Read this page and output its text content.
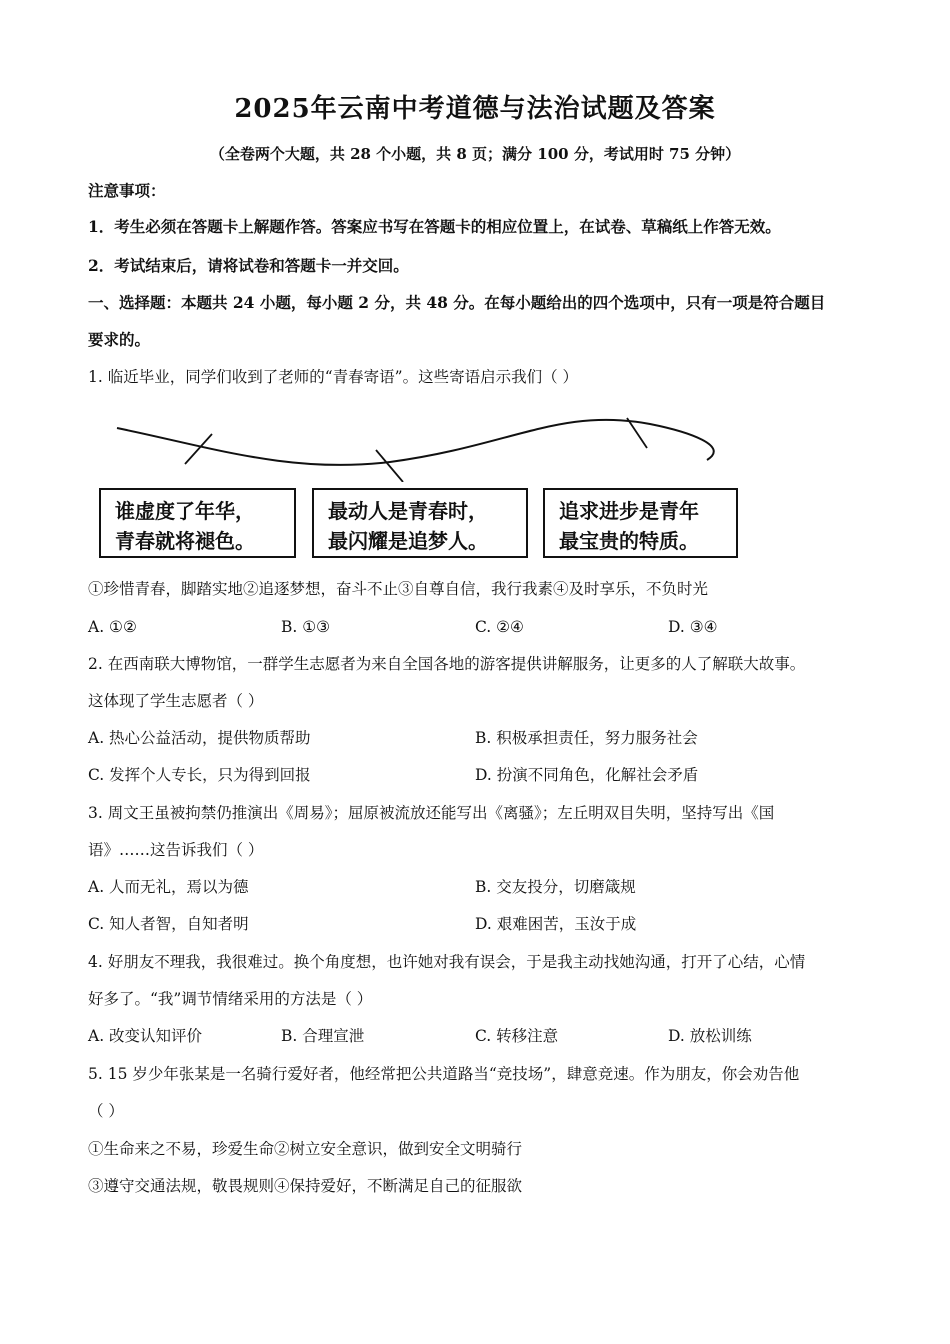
2025年云南中考道德与法治试题及答案
（全卷两个大题，共 28 个小题，共 8 页；满分 100 分，考试用时 75 分钟）
注意事项：
1．考生必须在答题卡上解题作答。答案应书写在答题卡的相应位置上，在试卷、草稿纸上作答无效。
2．考试结束后，请将试卷和答题卡一并交回。
一、选择题：本题共 24 小题，每小题 2 分，共 48 分。在每小题给出的四个选项中，只有一项是符合题目
要求的。
1. 临近毕业，同学们收到了老师的“青春寄语”。这些寄语启示我们（ ）
谁虚度了年华，
青春就将褪色。
最动人是青春时，
最闪耀是追梦人。
追求进步是青年
最宝贵的特质。
①珍惜青春，脚踏实地②追逐梦想，奋斗不止③自尊自信，我行我素④及时享乐，不负时光
A. ①②	B. ①③	C. ②④	D. ③④
2. 在西南联大博物馆，一群学生志愿者为来自全国各地的游客提供讲解服务，让更多的人了解联大故事。
这体现了学生志愿者（ ）
A. 热心公益活动，提供物质帮助	B. 积极承担责任，努力服务社会
C. 发挥个人专长，只为得到回报	D. 扮演不同角色，化解社会矛盾
3. 周文王虽被拘禁仍推演出《周易》；屈原被流放还能写出《离骚》；左丘明双目失明，坚持写出《国
语》……这告诉我们（ ）
A. 人而无礼，焉以为德	B. 交友投分，切磨箴规
C. 知人者智，自知者明	D. 艰难困苦，玉汝于成
4. 好朋友不理我，我很难过。换个角度想，也许她对我有误会，于是我主动找她沟通，打开了心结，心情
好多了。“我”调节情绪采用的方法是（ ）
A. 改变认知评价	B. 合理宣泄	C. 转移注意	D. 放松训练
5. 15 岁少年张某是一名骑行爱好者，他经常把公共道路当“竞技场”，肆意竞速。作为朋友，你会劝告他
（ ）
①生命来之不易，珍爱生命②树立安全意识，做到安全文明骑行
③遵守交通法规，敬畏规则④保持爱好，不断满足自己的征服欲
